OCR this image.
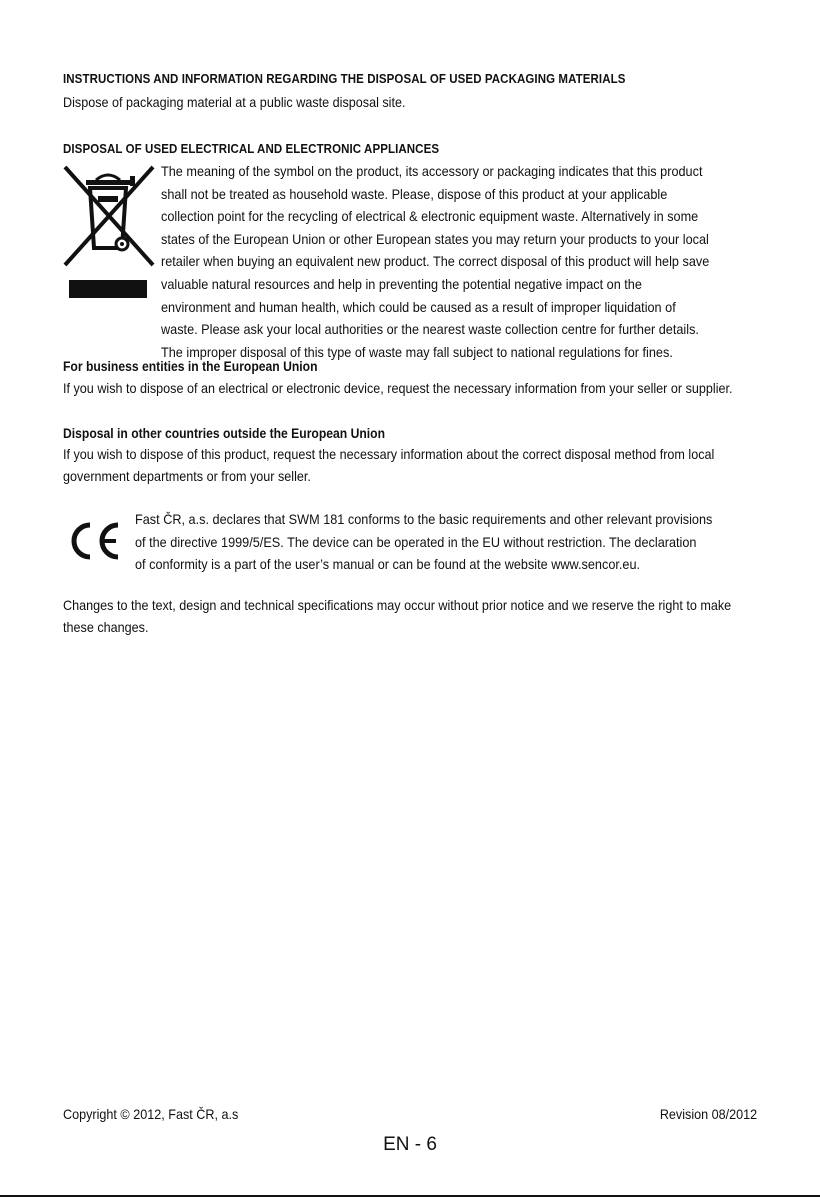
INSTRUCTIONS AND INFORMATION REGARDING THE DISPOSAL OF USED PACKAGING MATERIALS

Dispose of packaging material at a public waste disposal site.

DISPOSAL OF USED ELECTRICAL AND ELECTRONIC APPLIANCES
The meaning of the symbol on the product, its accessory or packaging indicates that this product
shall not be treated as household waste. Please, dispose of this product at your applicable
collection point for the recycling of electrical & electronic equipment waste. Alternatively in some
states of the European Union or other European states you may return your products to your local
retailer when buying an equivalent new product. The correct disposal of this product will help save
valuable natural resources and help in preventing the potential negative impact on the
environment and human health, which could be caused as a result of improper liquidation of
waste. Please ask your local authorities or the nearest waste collection centre for further details.
The improper disposal of this type of waste may fall subject to national regulations for fines.
For business entities in the European Union

If you wish to dispose of an electrical or electronic device, request the necessary information from your seller or supplier.

Disposal in other countries outside the European Union

If you wish to dispose of this product, request the necessary information about the correct disposal method from local government departments or from your seller.

Fast ČR, a.s. declares that SWM 181 conforms to the basic requirements and other relevant provisions
of the directive 1999/5/ES. The device can be operated in the EU without restriction. The declaration
of conformity is a part of the user’s manual or can be found at the website www.sencor.eu.

Changes to the text, design and technical specifications may occur without prior notice and we reserve the right to make these changes.

Copyright © 2012, Fast ČR, a.s	Revision 08/2012
EN - 6
